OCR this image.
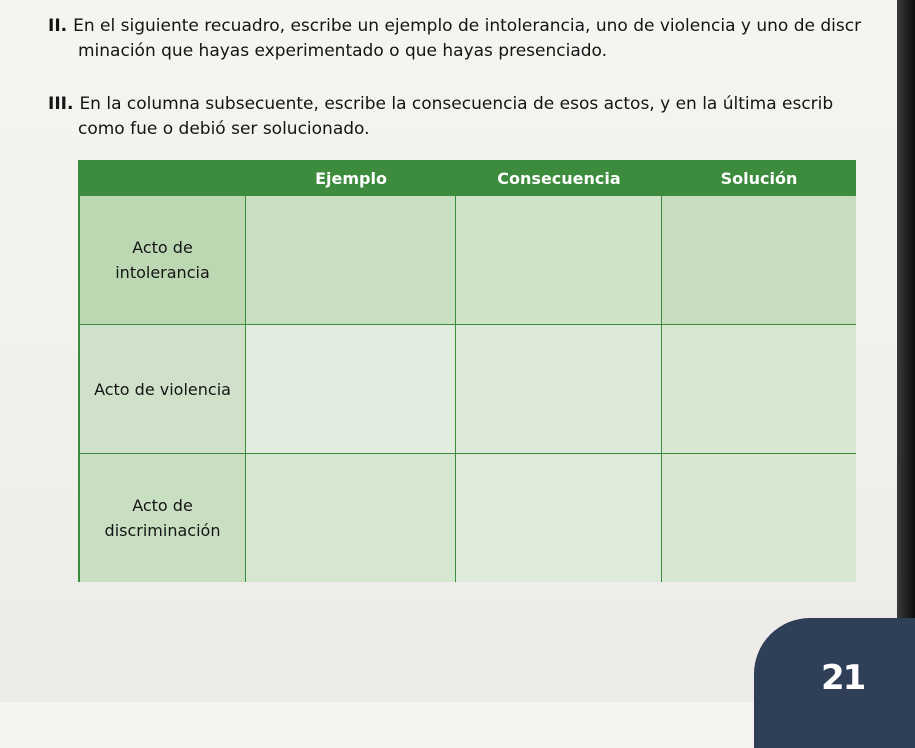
II. En el siguiente recuadro, escribe un ejemplo de intolerancia, uno de violencia y uno de discr
minación que hayas experimentado o que hayas presenciado.
III. En la columna subsecuente, escribe la consecuencia de esos actos, y en la última escrib
como fue o debió ser solucionado.
Ejemplo	Consecuencia	Solución
Acto de
intolerancia
Acto de violencia
Acto de
discriminación
21
